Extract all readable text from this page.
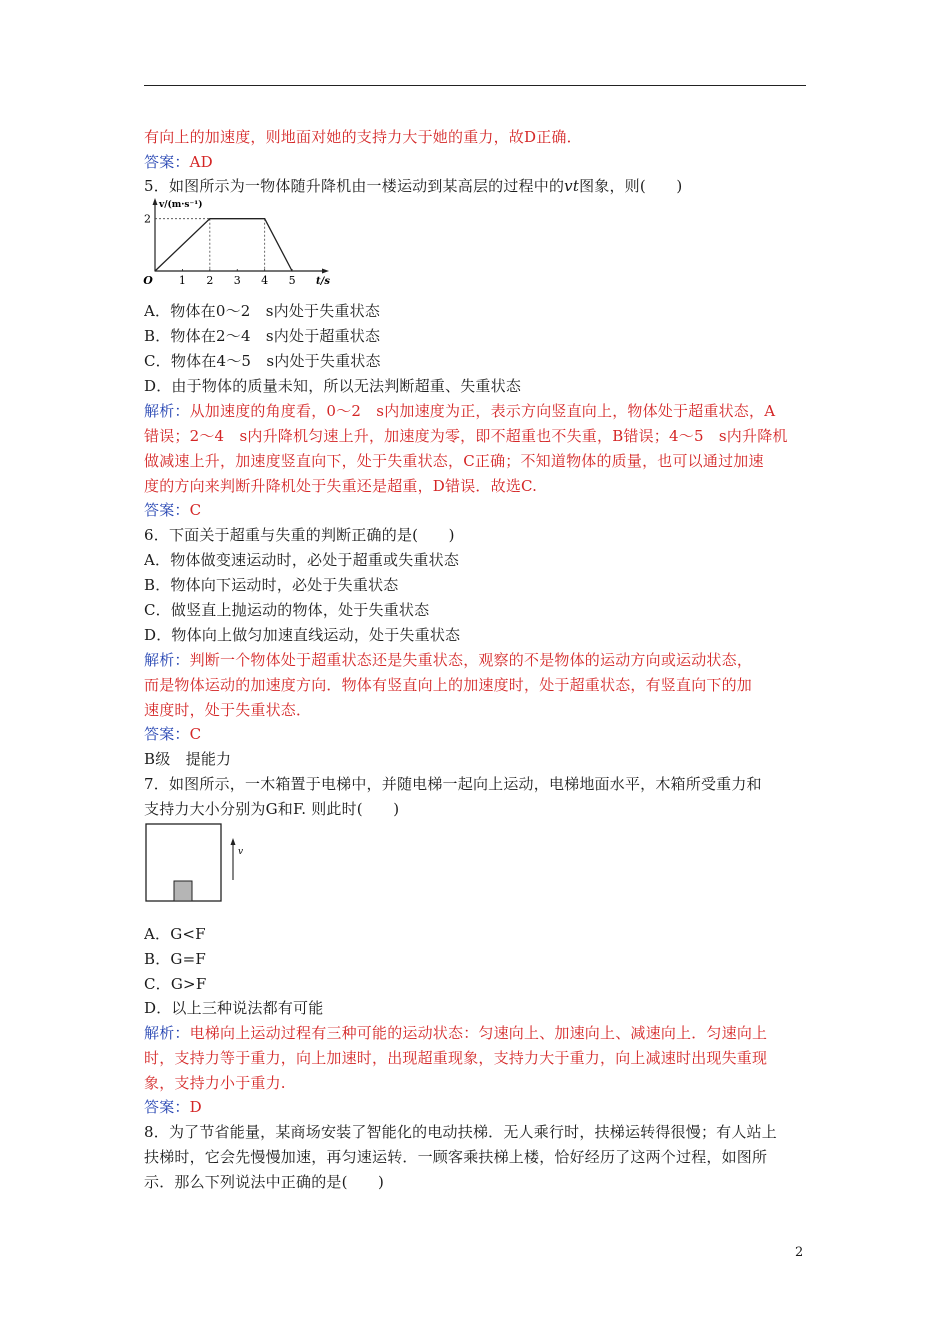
有向上的加速度，则地面对她的支持力大于她的重力，故D正确．
答案：AD
5．如图所示为一物体随升降机由一楼运动到某高层的过程中的vt图象，则(　　)
1 2 3 4 5
2
O
v/(m·s⁻¹)
t/s
A．物体在0～2　s内处于失重状态
B．物体在2～4　s内处于超重状态
C．物体在4～5　s内处于失重状态
D．由于物体的质量未知，所以无法判断超重、失重状态
解析：从加速度的角度看，0～2　s内加速度为正，表示方向竖直向上，物体处于超重状态，A
错误；2～4　s内升降机匀速上升，加速度为零，即不超重也不失重，B错误；4～5　s内升降机
做减速上升，加速度竖直向下，处于失重状态，C正确；不知道物体的质量，也可以通过加速
度的方向来判断升降机处于失重还是超重，D错误．故选C.
答案：C
6．下面关于超重与失重的判断正确的是(　　)
A．物体做变速运动时，必处于超重或失重状态
B．物体向下运动时，必处于失重状态
C．做竖直上抛运动的物体，处于失重状态
D．物体向上做匀加速直线运动，处于失重状态
解析：判断一个物体处于超重状态还是失重状态，观察的不是物体的运动方向或运动状态，
而是物体运动的加速度方向．物体有竖直向上的加速度时，处于超重状态，有竖直向下的加
速度时，处于失重状态．
答案：C
B级　提能力
7．如图所示，一木箱置于电梯中，并随电梯一起向上运动，电梯地面水平，木箱所受重力和
支持力大小分别为G和F. 则此时(　　)
v
A．G<F
B．G=F
C．G>F
D．以上三种说法都有可能
解析：电梯向上运动过程有三种可能的运动状态：匀速向上、加速向上、减速向上．匀速向上
时，支持力等于重力，向上加速时，出现超重现象，支持力大于重力，向上减速时出现失重现
象，支持力小于重力.
答案：D
8．为了节省能量，某商场安装了智能化的电动扶梯．无人乘行时，扶梯运转得很慢；有人站上
扶梯时，它会先慢慢加速，再匀速运转．一顾客乘扶梯上楼，恰好经历了这两个过程，如图所
示．那么下列说法中正确的是(　　)
2
